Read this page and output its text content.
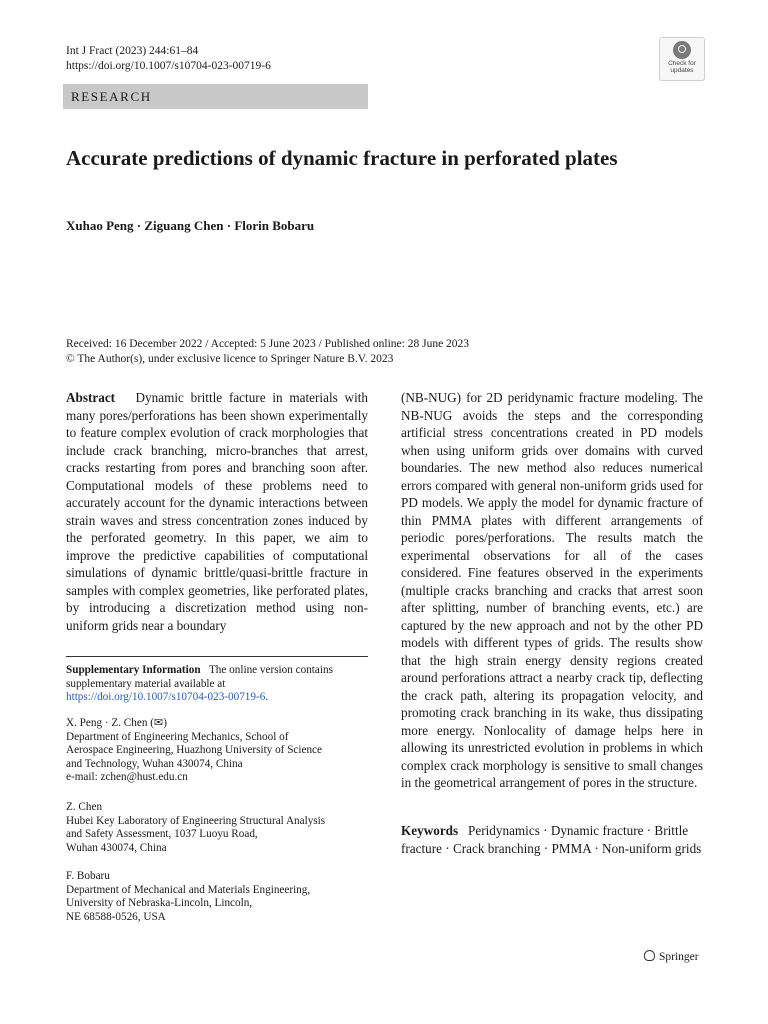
Int J Fract (2023) 244:61–84
https://doi.org/10.1007/s10704-023-00719-6	Check for
updates
RESEARCH
Accurate predictions of dynamic fracture in perforated plates
Xuhao Peng · Ziguang Chen · Florin Bobaru
Received: 16 December 2022 / Accepted: 5 June 2023 / Published online: 28 June 2023
© The Author(s), under exclusive licence to Springer Nature B.V. 2023

Abstract Dynamic brittle facture in materials with many pores/perforations has been shown experimentally to feature complex evolution of crack morphologies that include crack branching, micro-branches that arrest, cracks restarting from pores and branching soon after. Computational models of these problems need to accurately account for the dynamic interactions between strain waves and stress concentration zones induced by the perforated geometry. In this paper, we aim to improve the predictive capabilities of computational simulations of dynamic brittle/quasi-brittle fracture in samples with complex geometries, like perforated plates, by introducing a discretization method using non-uniform grids near a boundary

(NB-NUG) for 2D peridynamic fracture modeling. The NB-NUG avoids the steps and the corresponding artificial stress concentrations created in PD models when using uniform grids over domains with curved boundaries. The new method also reduces numerical errors compared with general non-uniform grids used for PD models. We apply the model for dynamic fracture of thin PMMA plates with different arrangements of periodic pores/perforations. The results match the experimental observations for all of the cases considered. Fine features observed in the experiments (multiple cracks branching and cracks that arrest soon after splitting, number of branching events, etc.) are captured by the new approach and not by the other PD models with different types of grids. The results show that the high strain energy density regions created around perforations attract a nearby crack tip, deflecting the crack path, altering its propagation velocity, and promoting crack branching in its wake, thus dissipating more energy. Nonlocality of damage helps here in allowing its unrestricted evolution in problems in which complex crack morphology is sensitive to small changes in the geometrical arrangement of pores in the structure.

Supplementary Information The online version contains supplementary material available at https://doi.org/10.1007/s10704-023-00719-6.

X. Peng · Z. Chen (✉)

Department of Engineering Mechanics, School of

Aerospace Engineering, Huazhong University of Science

and Technology, Wuhan 430074, China

e-mail: zchen@hust.edu.cn

Z. Chen

Hubei Key Laboratory of Engineering Structural Analysis

and Safety Assessment, 1037 Luoyu Road,

Wuhan 430074, China

F. Bobaru

Department of Mechanical and Materials Engineering,

University of Nebraska-Lincoln, Lincoln,

NE 68588-0526, USA

Keywords Peridynamics · Dynamic fracture · Brittle fracture · Crack branching · PMMA · Non-uniform grids
Springer
